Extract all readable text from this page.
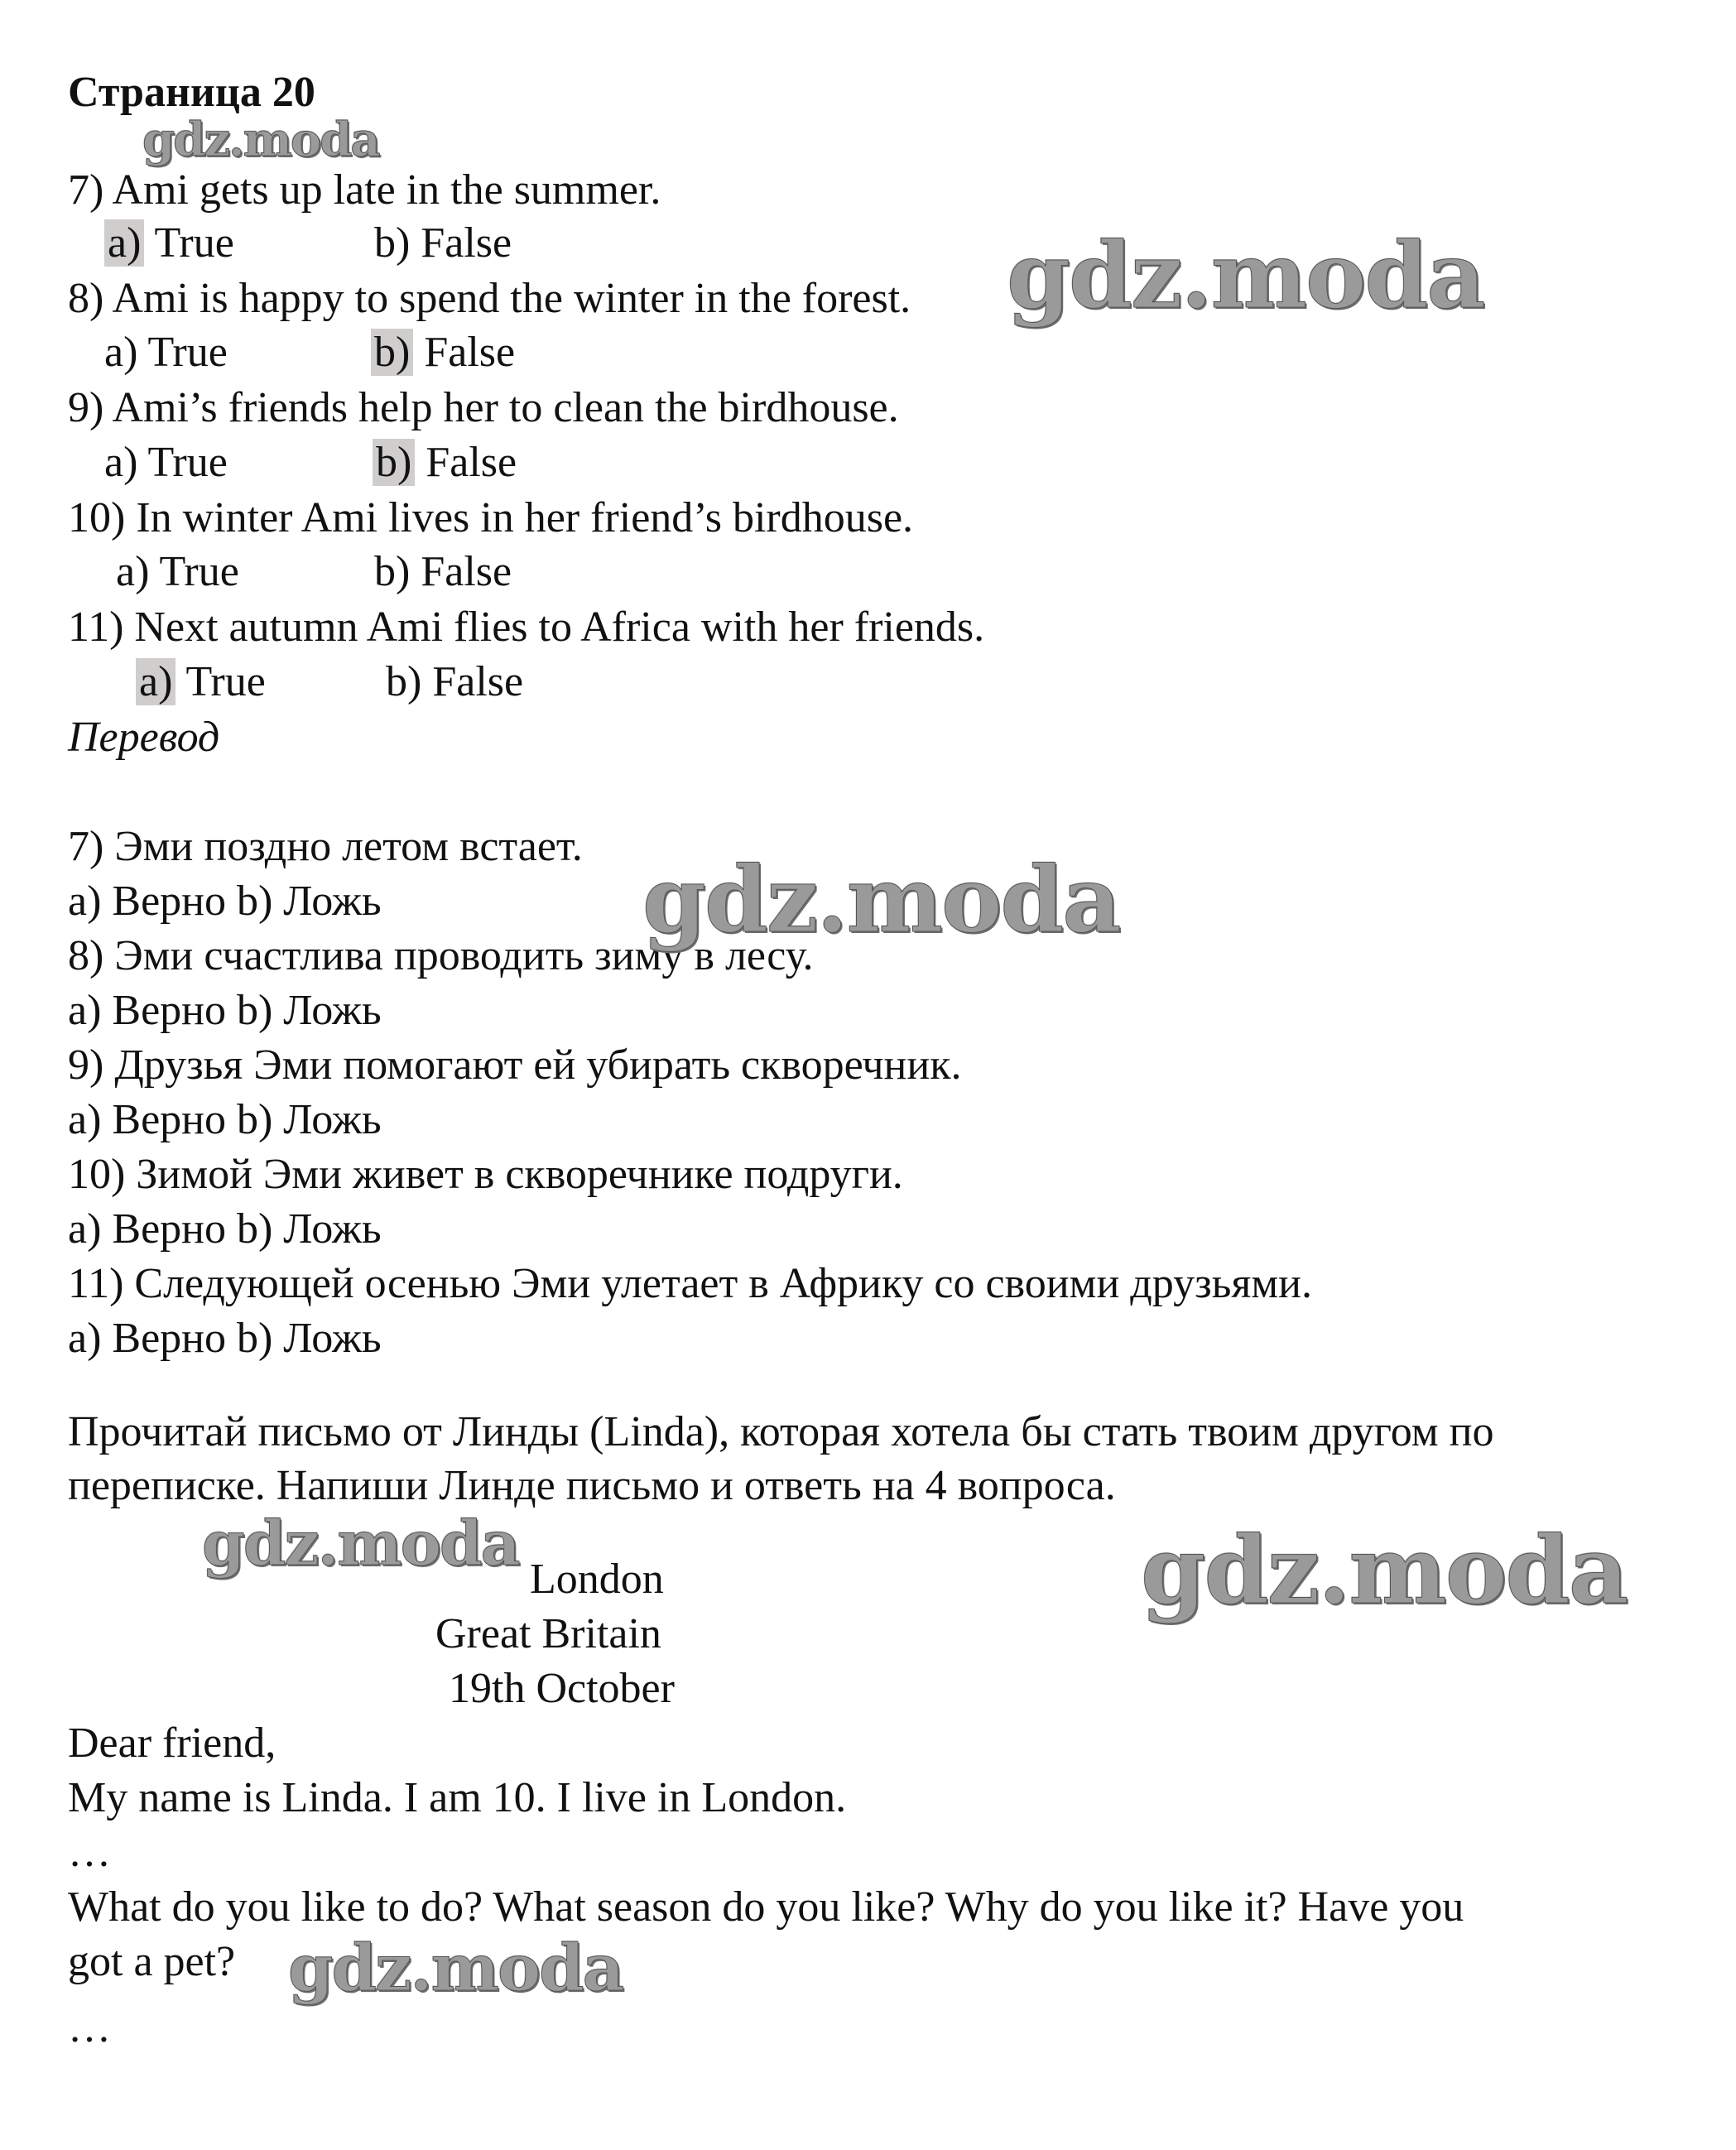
Страница 20
7) Ami gets up late in the summer.
a) True	b) False
8) Ami is happy to spend the winter in the forest.
a) True	b) False
9) Ami’s friends help her to clean the birdhouse.
a) True	b) False
10) In winter Ami lives in her friend’s birdhouse.
a) True	b) False
11) Next autumn Ami flies to Africa with her friends.
a) True	b) False
Перевод
7) Эми поздно летом встает.
a) Верно b) Ложь
8) Эми счастлива проводить зиму в лесу.
a) Верно b) Ложь
9) Друзья Эми помогают ей убирать скворечник.
a) Верно b) Ложь
10) Зимой Эми живет в скворечнике подруги.
a) Верно b) Ложь
11) Следующей осенью Эми улетает в Африку со своими друзьями.
a) Верно b) Ложь
Прочитай письмо от Линды (Linda), которая хотела бы стать твоим другом по
переписке. Напиши Линде письмо и ответь на 4 вопроса.
London
Great Britain
19th October
Dear friend,
My name is Linda. I am 10. I live in London.
…
What do you like to do? What season do you like? Why do you like it? Have you
got a pet?
…
gdz.moda
gdz.moda
gdz.moda
gdz.moda	gdz.moda
gdz.moda
